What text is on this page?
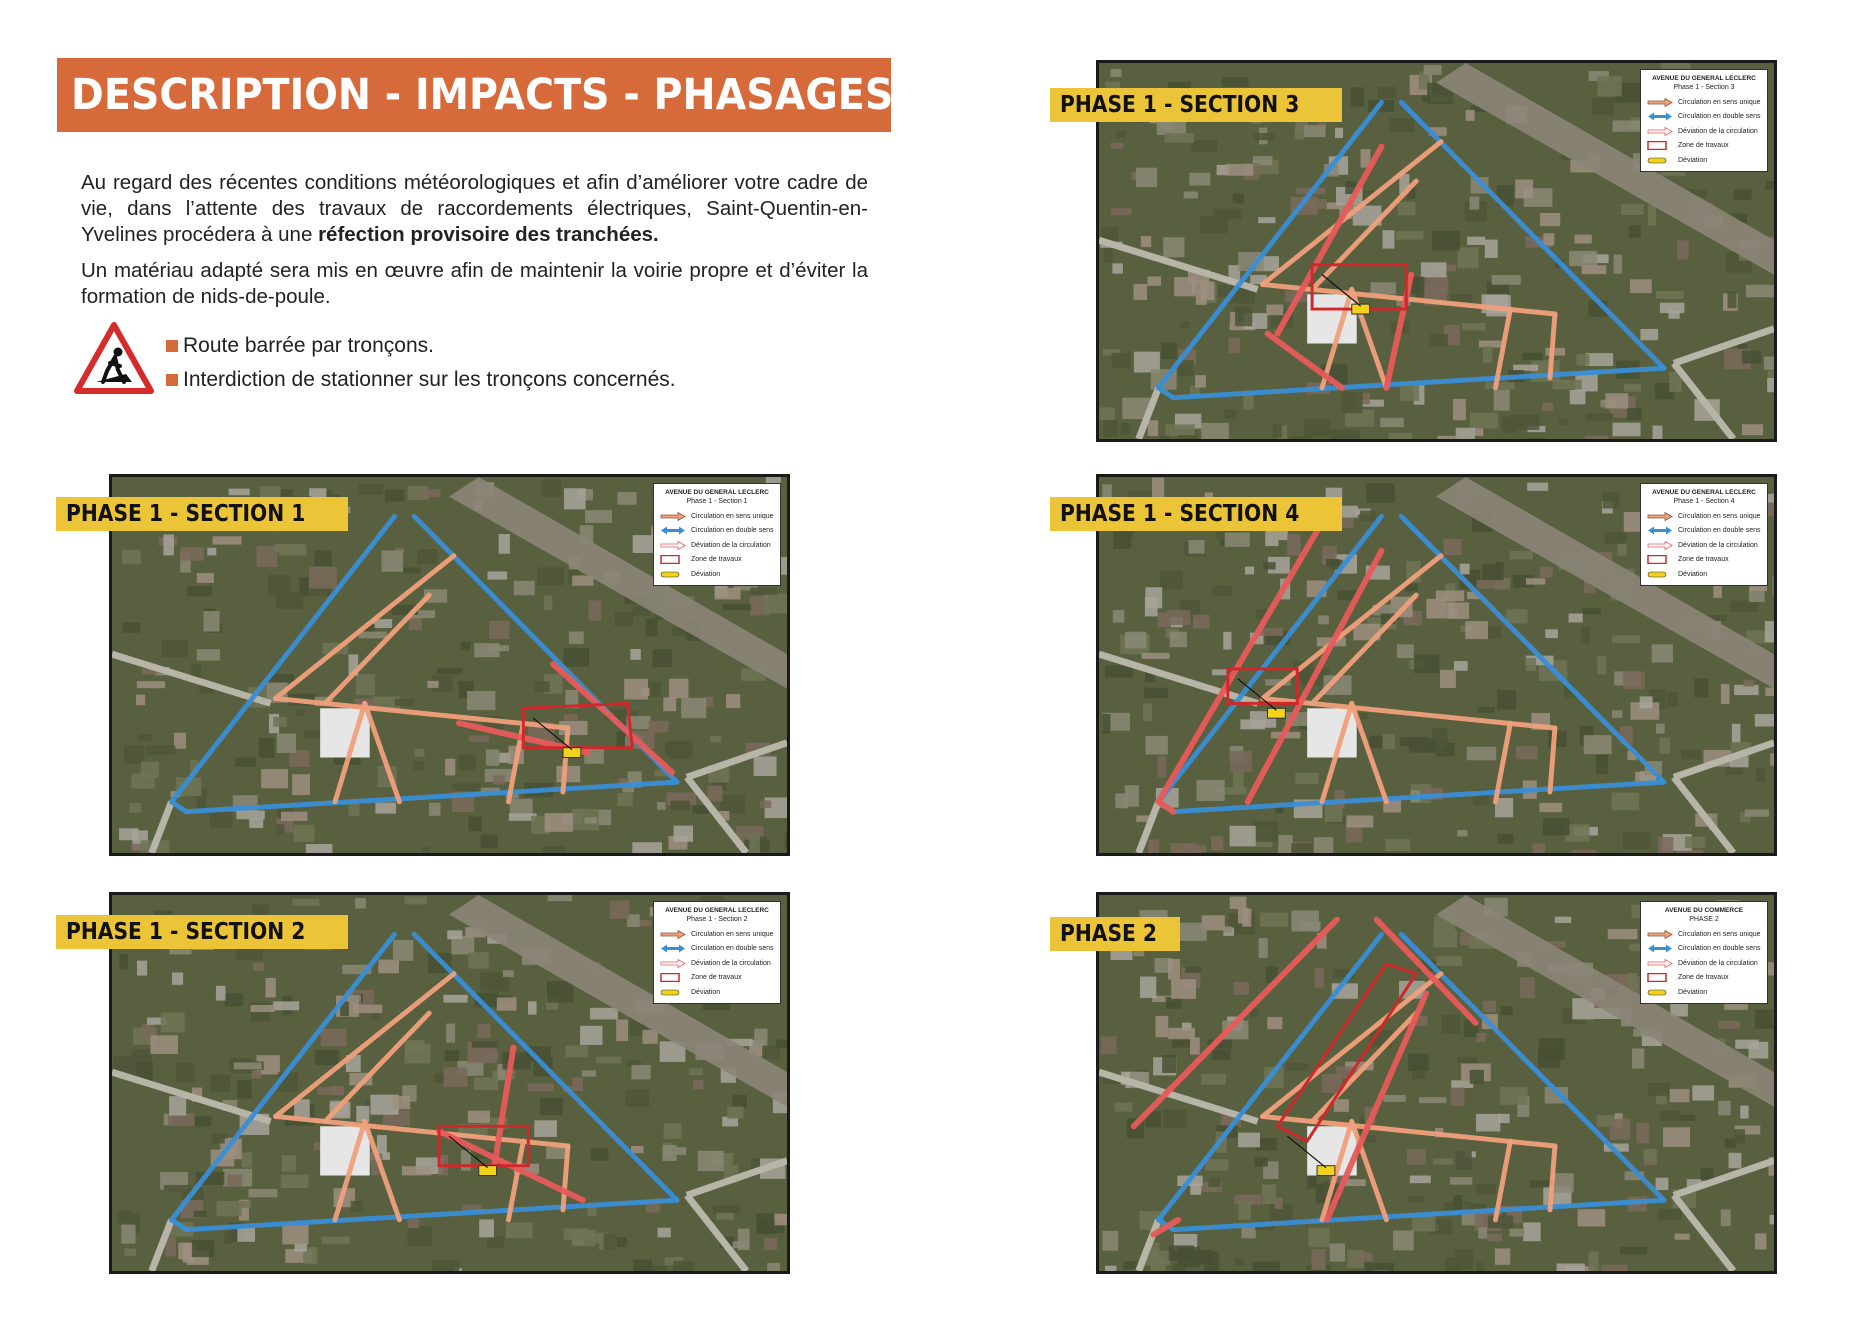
DESCRIPTION - IMPACTS - PHASAGES

Au regard des récentes conditions météorologiques et afin d’améliorer votre cadre de vie, dans l’attente des travaux de raccordements électriques, Saint-Quentin-en-Yvelines procédera à une réfection provisoire des tranchées.

Un matériau adapté sera mis en œuvre afin de maintenir la voirie propre et d’éviter la formation de nids-de-poule.

Route barrée par tronçons.
Interdiction de stationner sur les tronçons concernés.
AVENUE DU GENERAL LECLERC
Phase 1 - Section 3
Circulation en sens unique
Circulation en double sens
Déviation de la circulation
Zone de travaux
Déviation
AVENUE DU GENERAL LECLERC
Phase 1 - Section 1
Circulation en sens unique
Circulation en double sens
Déviation de la circulation
Zone de travaux
Déviation
AVENUE DU GENERAL LECLERC
Phase 1 - Section 4
Circulation en sens unique
Circulation en double sens
Déviation de la circulation
Zone de travaux
Déviation
AVENUE DU GENERAL LECLERC
Phase 1 - Section 2
Circulation en sens unique
Circulation en double sens
Déviation de la circulation
Zone de travaux
Déviation
AVENUE DU COMMERCE
PHASE 2
Circulation en sens unique
Circulation en double sens
Déviation de la circulation
Zone de travaux
Déviation
PHASE 1 - SECTION 3
PHASE 1 - SECTION 1	PHASE 1 - SECTION 4
PHASE 1 - SECTION 2	PHASE 2
